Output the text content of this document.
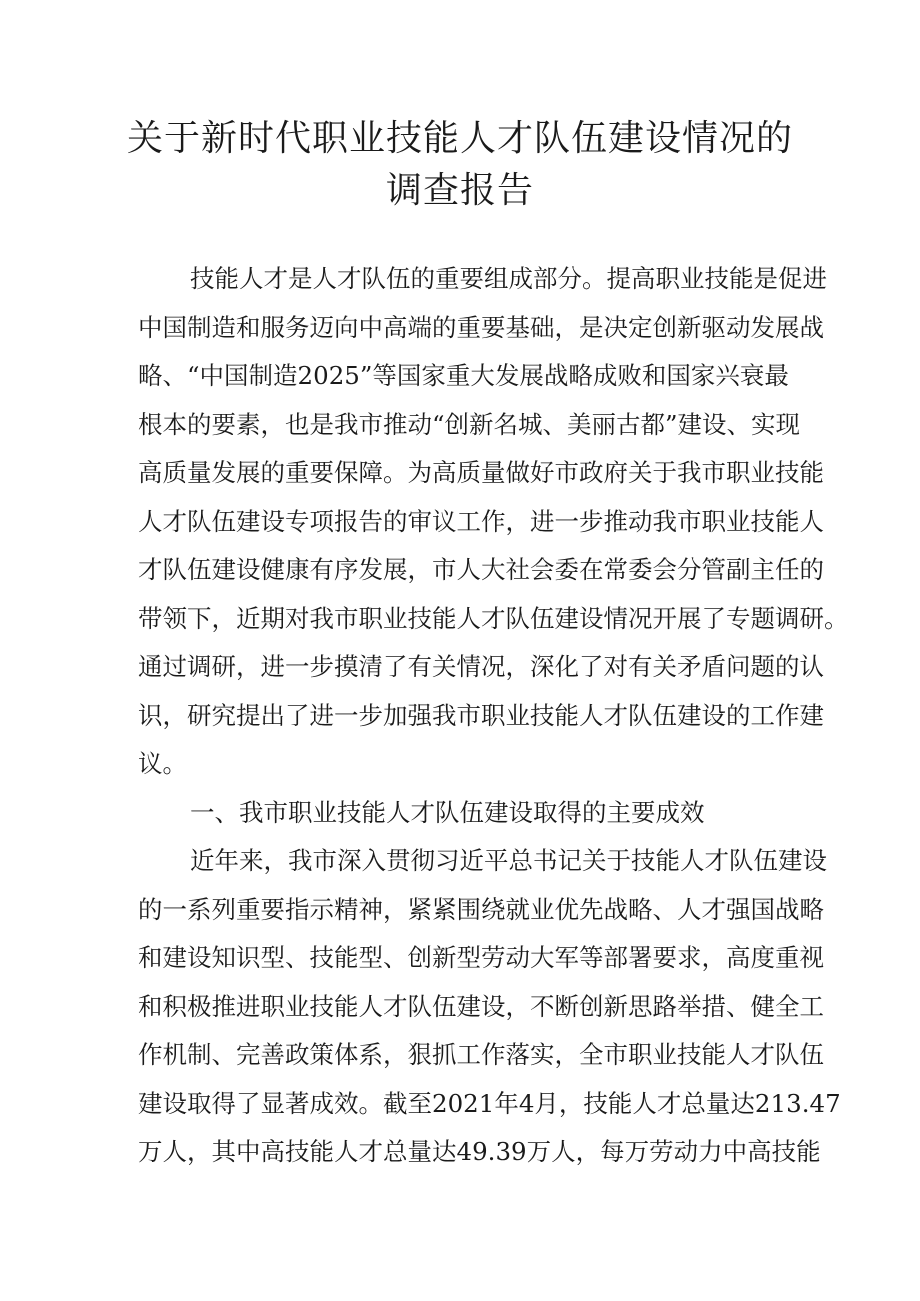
关于新时代职业技能人才队伍建设情况的
调查报告
技能人才是人才队伍的重要组成部分。提高职业技能是促进
中国制造和服务迈向中高端的重要基础，是决定创新驱动发展战
略、“中国制造2025”等国家重大发展战略成败和国家兴衰最
根本的要素，也是我市推动“创新名城、美丽古都”建设、实现
高质量发展的重要保障。为高质量做好市政府关于我市职业技能
人才队伍建设专项报告的审议工作，进一步推动我市职业技能人
才队伍建设健康有序发展，市人大社会委在常委会分管副主任的
带领下，近期对我市职业技能人才队伍建设情况开展了专题调研。
通过调研，进一步摸清了有关情况，深化了对有关矛盾问题的认
识，研究提出了进一步加强我市职业技能人才队伍建设的工作建
议。
一、我市职业技能人才队伍建设取得的主要成效
近年来，我市深入贯彻习近平总书记关于技能人才队伍建设
的一系列重要指示精神，紧紧围绕就业优先战略、人才强国战略
和建设知识型、技能型、创新型劳动大军等部署要求，高度重视
和积极推进职业技能人才队伍建设，不断创新思路举措、健全工
作机制、完善政策体系，狠抓工作落实，全市职业技能人才队伍
建设取得了显著成效。截至2021年4月，技能人才总量达213.47
万人，其中高技能人才总量达49.39万人，每万劳动力中高技能
